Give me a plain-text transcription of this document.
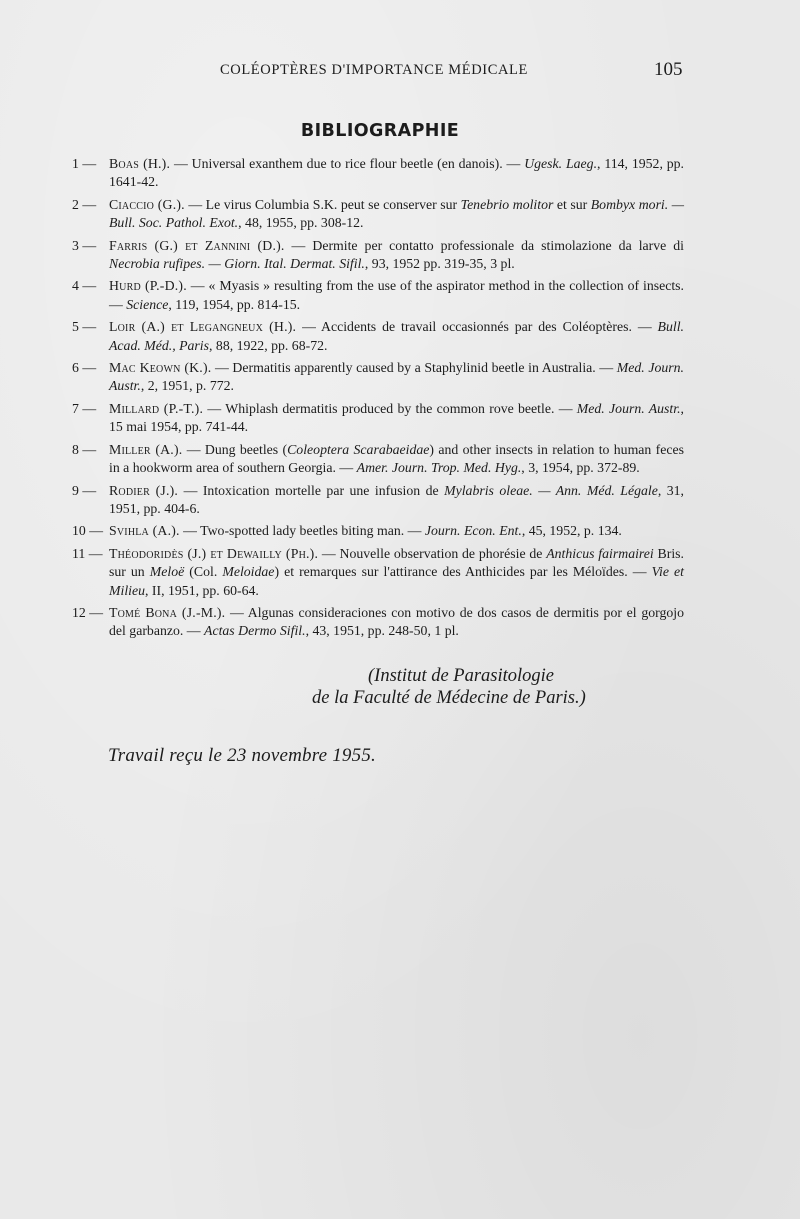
COLÉOPTÈRES D'IMPORTANCE MÉDICALE	105
BIBLIOGRAPHIE
1 — Boas (H.). — Universal exanthem due to rice flour beetle (en danois). — Ugesk. Laeg., 114, 1952, pp. 1641-42.
2 — Ciaccio (G.). — Le virus Columbia S.K. peut se conserver sur Tenebrio molitor et sur Bombyx mori. — Bull. Soc. Pathol. Exot., 48, 1955, pp. 308-12.
3 — Farris (G.) et Zannini (D.). — Dermite per contatto professionale da stimolazione da larve di Necrobia rufipes. — Giorn. Ital. Dermat. Sifil., 93, 1952 pp. 319-35, 3 pl.
4 — Hurd (P.-D.). — « Myasis » resulting from the use of the aspirator method in the collection of insects. — Science, 119, 1954, pp. 814-15.
5 — Loir (A.) et Legangneux (H.). — Accidents de travail occasionnés par des Coléoptères. — Bull. Acad. Méd., Paris, 88, 1922, pp. 68-72.
6 — Mac Keown (K.). — Dermatitis apparently caused by a Staphylinid beetle in Australia. — Med. Journ. Austr., 2, 1951, p. 772.
7 — Millard (P.-T.). — Whiplash dermatitis produced by the common rove beetle. — Med. Journ. Austr., 15 mai 1954, pp. 741-44.
8 — Miller (A.). — Dung beetles (Coleoptera Scarabaeidae) and other insects in relation to human feces in a hookworm area of southern Georgia. — Amer. Journ. Trop. Med. Hyg., 3, 1954, pp. 372-89.
9 — Rodier (J.). — Intoxication mortelle par une infusion de Mylabris oleae. — Ann. Méd. Légale, 31, 1951, pp. 404-6.
10 — Svihla (A.). — Two-spotted lady beetles biting man. — Journ. Econ. Ent., 45, 1952, p. 134.
11 — Théodoridès (J.) et Dewailly (Ph.). — Nouvelle observation de phorésie de Anthicus fairmairei Bris. sur un Meloë (Col. Meloidae) et remarques sur l'attirance des Anthicides par les Méloïdes. — Vie et Milieu, II, 1951, pp. 60-64.
12 — Tomé Bona (J.-M.). — Algunas consideraciones con motivo de dos casos de dermitis por el gorgojo del garbanzo. — Actas Dermo Sifil., 43, 1951, pp. 248-50, 1 pl.
(Institut de Parasitologie
de la Faculté de Médecine de Paris.)
Travail reçu le 23 novembre 1955.
